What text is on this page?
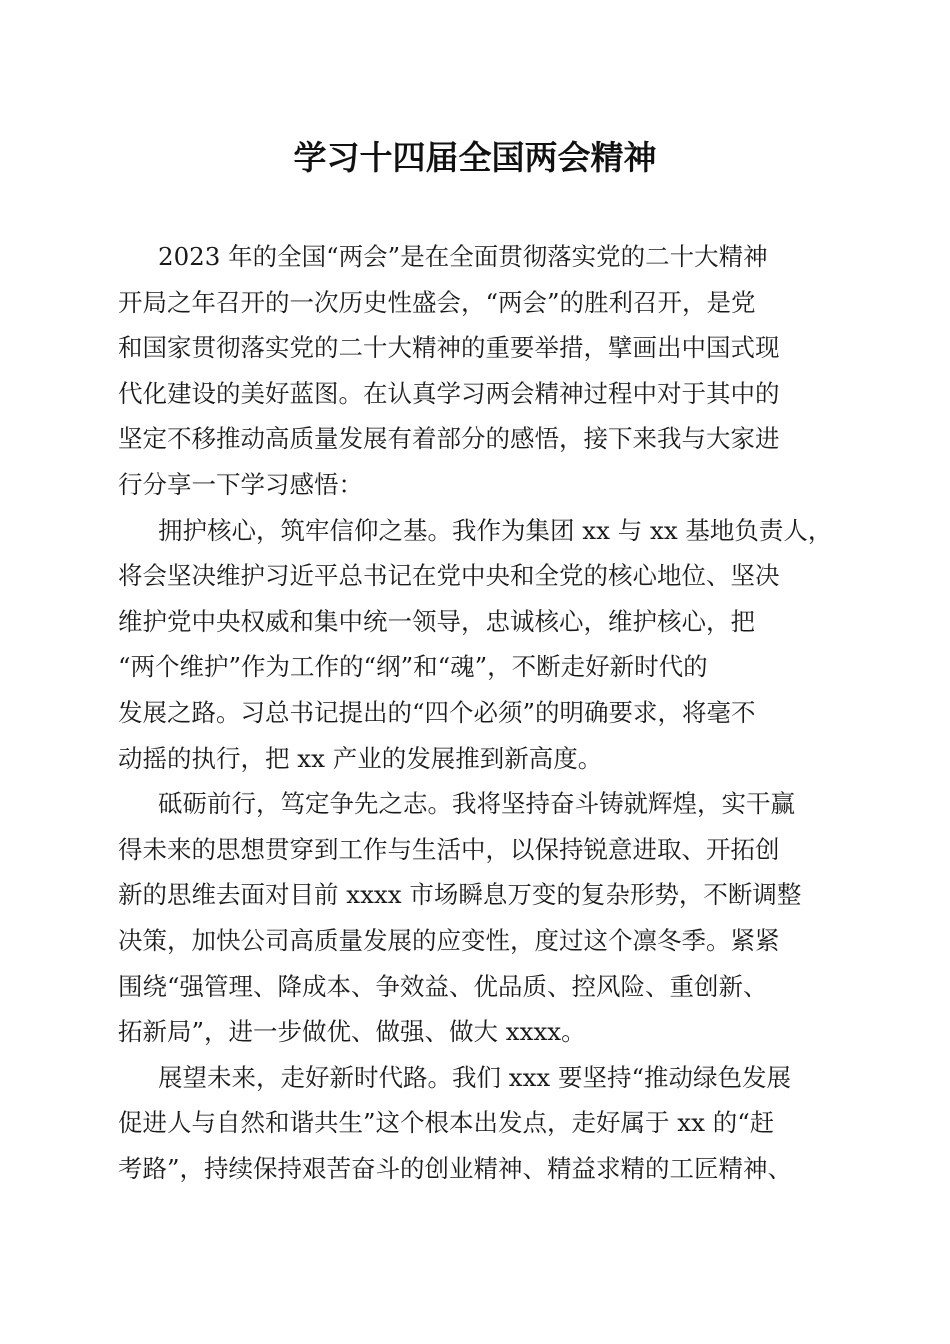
学习十四届全国两会精神

2023 年的全国“两会”是在全面贯彻落实党的二十大精神
开局之年召开的一次历史性盛会，“两会”的胜利召开，是党
和国家贯彻落实党的二十大精神的重要举措，擘画出中国式现
代化建设的美好蓝图。在认真学习两会精神过程中对于其中的
坚定不移推动高质量发展有着部分的感悟，接下来我与大家进
行分享一下学习感悟：

拥护核心，筑牢信仰之基。我作为集团 xx 与 xx 基地负责人，
将会坚决维护习近平总书记在党中央和全党的核心地位、坚决
维护党中央权威和集中统一领导，忠诚核心，维护核心，把
“两个维护”作为工作的“纲”和“魂”，不断走好新时代的
发展之路。习总书记提出的“四个必须”的明确要求，将毫不
动摇的执行，把 xx 产业的发展推到新高度。

砥砺前行，笃定争先之志。我将坚持奋斗铸就辉煌，实干赢
得未来的思想贯穿到工作与生活中，以保持锐意进取、开拓创
新的思维去面对目前 xxxx 市场瞬息万变的复杂形势，不断调整
决策，加快公司高质量发展的应变性，度过这个凛冬季。紧紧
围绕“强管理、降成本、争效益、优品质、控风险、重创新、
拓新局”，进一步做优、做强、做大 xxxx。

展望未来，走好新时代路。我们 xxx 要坚持“推动绿色发展
促进人与自然和谐共生”这个根本出发点，走好属于 xx 的“赶
考路”，持续保持艰苦奋斗的创业精神、精益求精的工匠精神、
